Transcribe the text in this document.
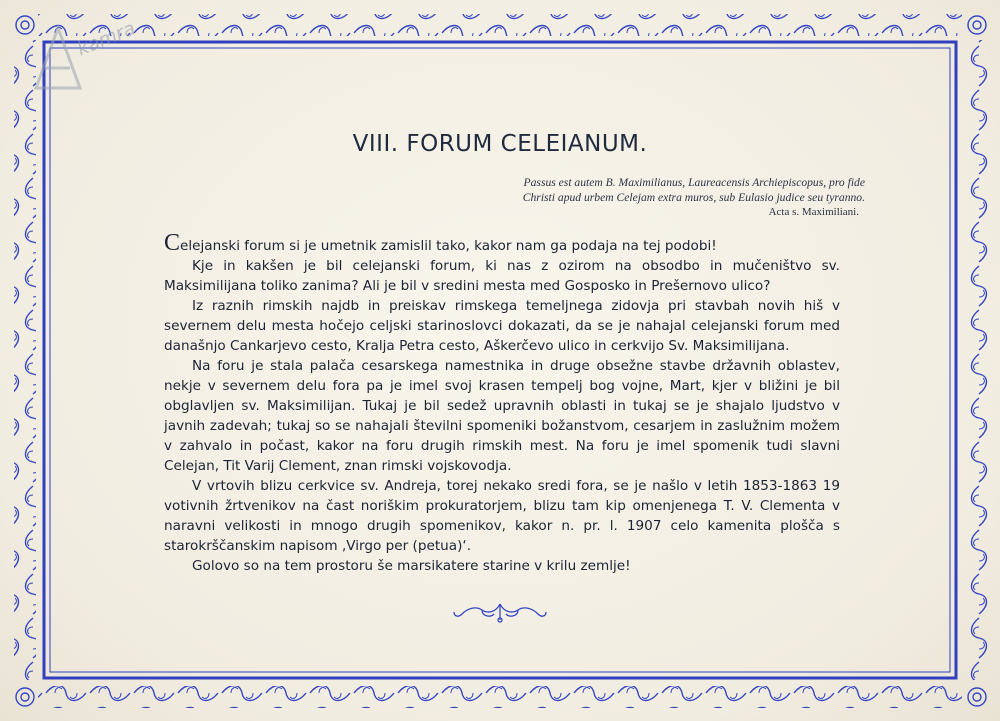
kamra
VIII. FORUM CELEIANUM.
Passus est autem B. Maximilianus, Laureacensis Archiepiscopus, pro fide
Christi apud urbem Celejam extra muros, sub Eulasio judice seu tyranno.
Acta s. Maximiliani.

Celejanski forum si je umetnik zamislil tako, kakor nam ga podaja na tej podobi!

Kje in kakšen je bil celejanski forum, ki nas z ozirom na obsodbo in mučeništvo sv. Maksimilijana toliko zanima? Ali je bil v sredini mesta med Gosposko in Prešernovo ulico?

Iz raznih rimskih najdb in preiskav rimskega temeljnega zidovja pri stavbah novih hiš v severnem delu mesta hočejo celjski starinoslovci dokazati, da se je nahajal celejanski forum med današnjo Cankarjevo cesto, Kralja Petra cesto, Aškerčevo ulico in cerkvijo Sv. Maksimilijana.

Na foru je stala palača cesarskega namestnika in druge obsežne stavbe državnih oblastev, nekje v severnem delu fora pa je imel svoj krasen tempelj bog vojne, Mart, kjer v bližini je bil obglavljen sv. Maksimilijan. Tukaj je bil sedež upravnih oblasti in tukaj se je shajalo ljudstvo v javnih zadevah; tukaj so se nahajali številni spomeniki božanstvom, cesarjem in zaslužnim možem v zahvalo in počast, kakor na foru drugih rimskih mest. Na foru je imel spomenik tudi slavni Celejan, Tit Varij Clement, znan rimski vojskovodja.

V vrtovih blizu cerkvice sv. Andreja, torej nekako sredi fora, se je našlo v letih 1853-1863 19 votivnih žrtvenikov na čast noriškim prokuratorjem, blizu tam kip omenjenega T. V. Clementa v naravni velikosti in mnogo drugih spomenikov, kakor n. pr. l. 1907 celo kamenita plošča s starokrščanskim napisom ‚Virgo per (petua)‘.

Golovo so na tem prostoru še marsikatere starine v krilu zemlje!
